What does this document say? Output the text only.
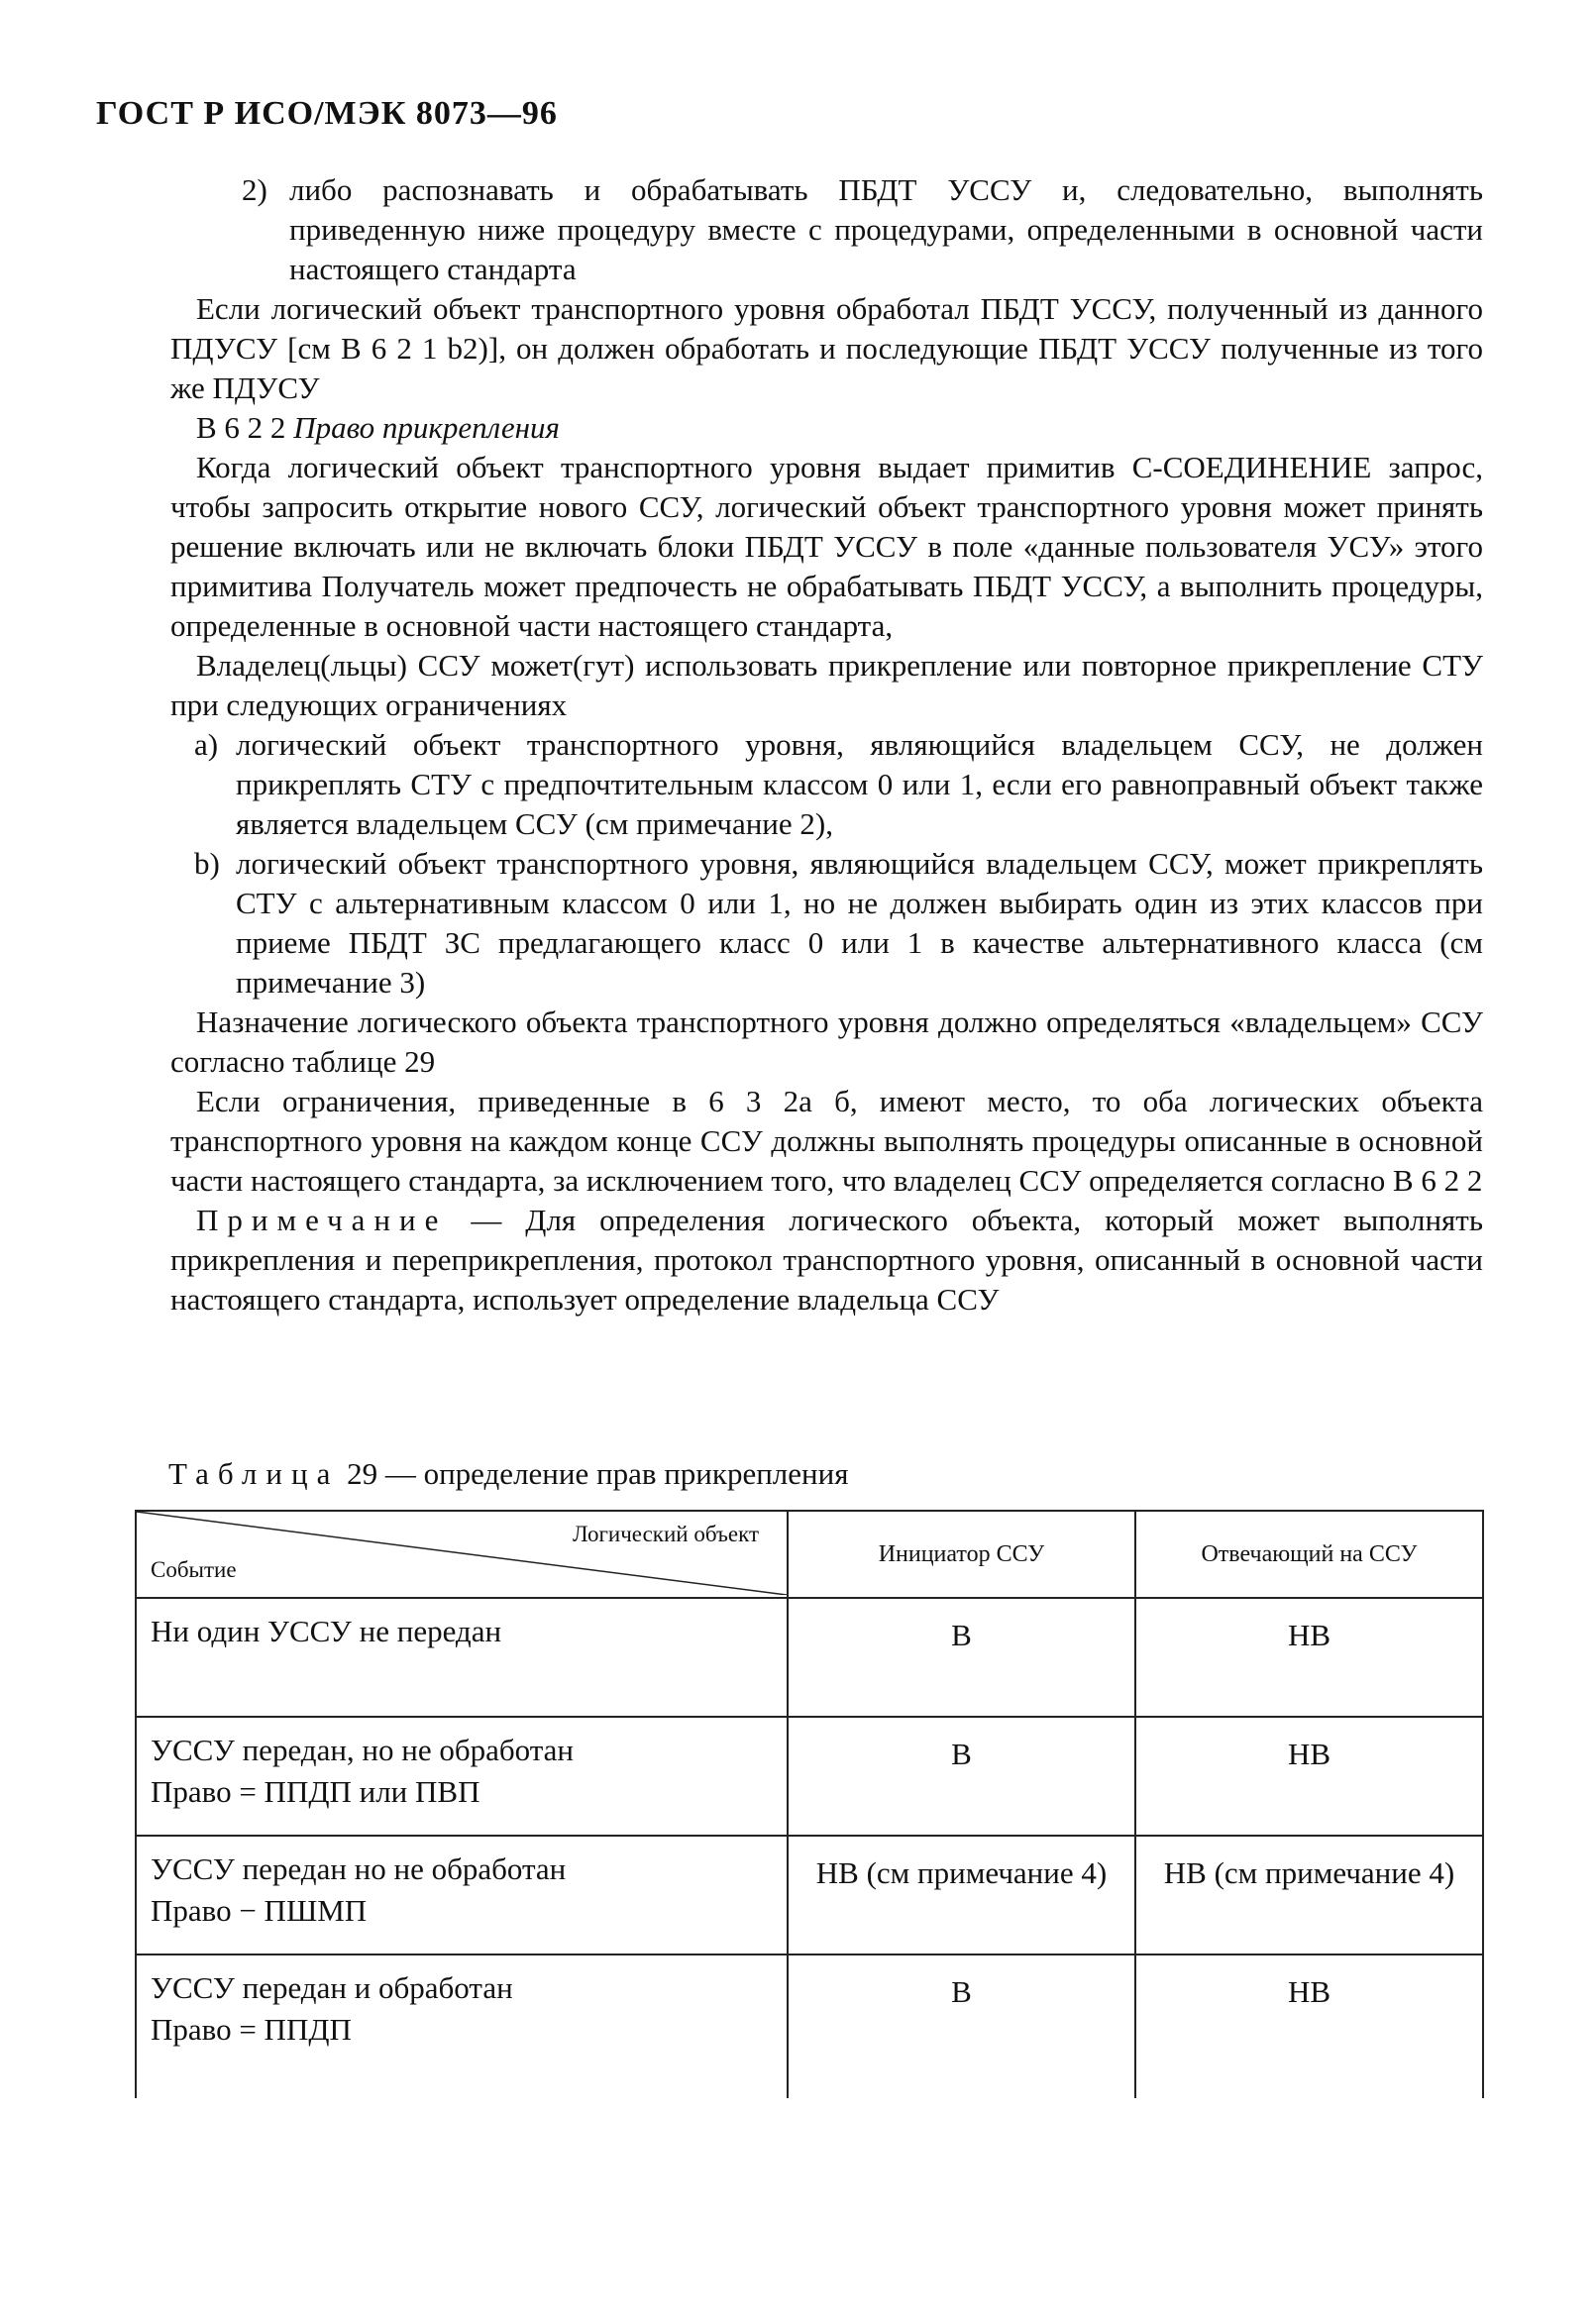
ГОСТ Р ИСО/МЭК 8073—96
2) либо распознавать и обрабатывать ПБДТ УССУ и, следовательно, выполнять приведенную ниже процедуру вместе с процедурами, определенными в основной части настоящего стандарта

Если логический объект транспортного уровня обработал ПБДТ УССУ, полученный из данного ПДУСУ [см В 6 2 1 b2)], он должен обработать и последующие ПБДТ УССУ полученные из того же ПДУСУ

В 6 2 2 Право прикрепления

Когда логический объект транспортного уровня выдает примитив С-СОЕДИНЕНИЕ запрос, чтобы запросить открытие нового ССУ, логический объект транспортного уровня может принять решение включать или не включать блоки ПБДТ УССУ в поле «данные пользователя УСУ» этого примитива Получатель может предпочесть не обрабатывать ПБДТ УССУ, а выполнить процедуры, определенные в основной части настоящего стандарта,

Владелец(льцы) ССУ может(гут) использовать прикрепление или повторное прикрепление СТУ при следующих ограничениях

a) логический объект транспортного уровня, являющийся владельцем ССУ, не должен прикреплять СТУ с предпочтительным классом 0 или 1, если его равноправный объект также является владельцем ССУ (см примечание 2),
b) логический объект транспортного уровня, являющийся владельцем ССУ, может прикреплять СТУ с альтернативным классом 0 или 1, но не должен выбирать один из этих классов при приеме ПБДТ ЗС предлагающего класс 0 или 1 в качестве альтернативного класса (см примечание 3)

Назначение логического объекта транспортного уровня должно определяться «владельцем» ССУ согласно таблице 29

Если ограничения, приведенные в 6 3 2а б, имеют место, то оба логических объекта транспортного уровня на каждом конце ССУ должны выполнять процедуры описанные в основной части настоящего стандарта, за исключением того, что владелец ССУ определяется согласно В 6 2 2

Примечание — Для определения логического объекта, который может выполнять прикрепления и переприкрепления, протокол транспортного уровня, описанный в основной части настоящего стандарта, использует определение владельца ССУ

Таблица 29 — определение прав прикрепления
Логический объект
Событие	Инициатор ССУ	Отвечающий на ССУ

Ни один УССУ не передан	В	НВ

УССУ передан, но не обработан
Право = ППДП или ПВП	В	НВ

УССУ передан но не обработан
Право − ПШМП	НВ (см примечание 4)	НВ (см примечание 4)

УССУ передан и обработан
Право = ППДП	В	НВ
